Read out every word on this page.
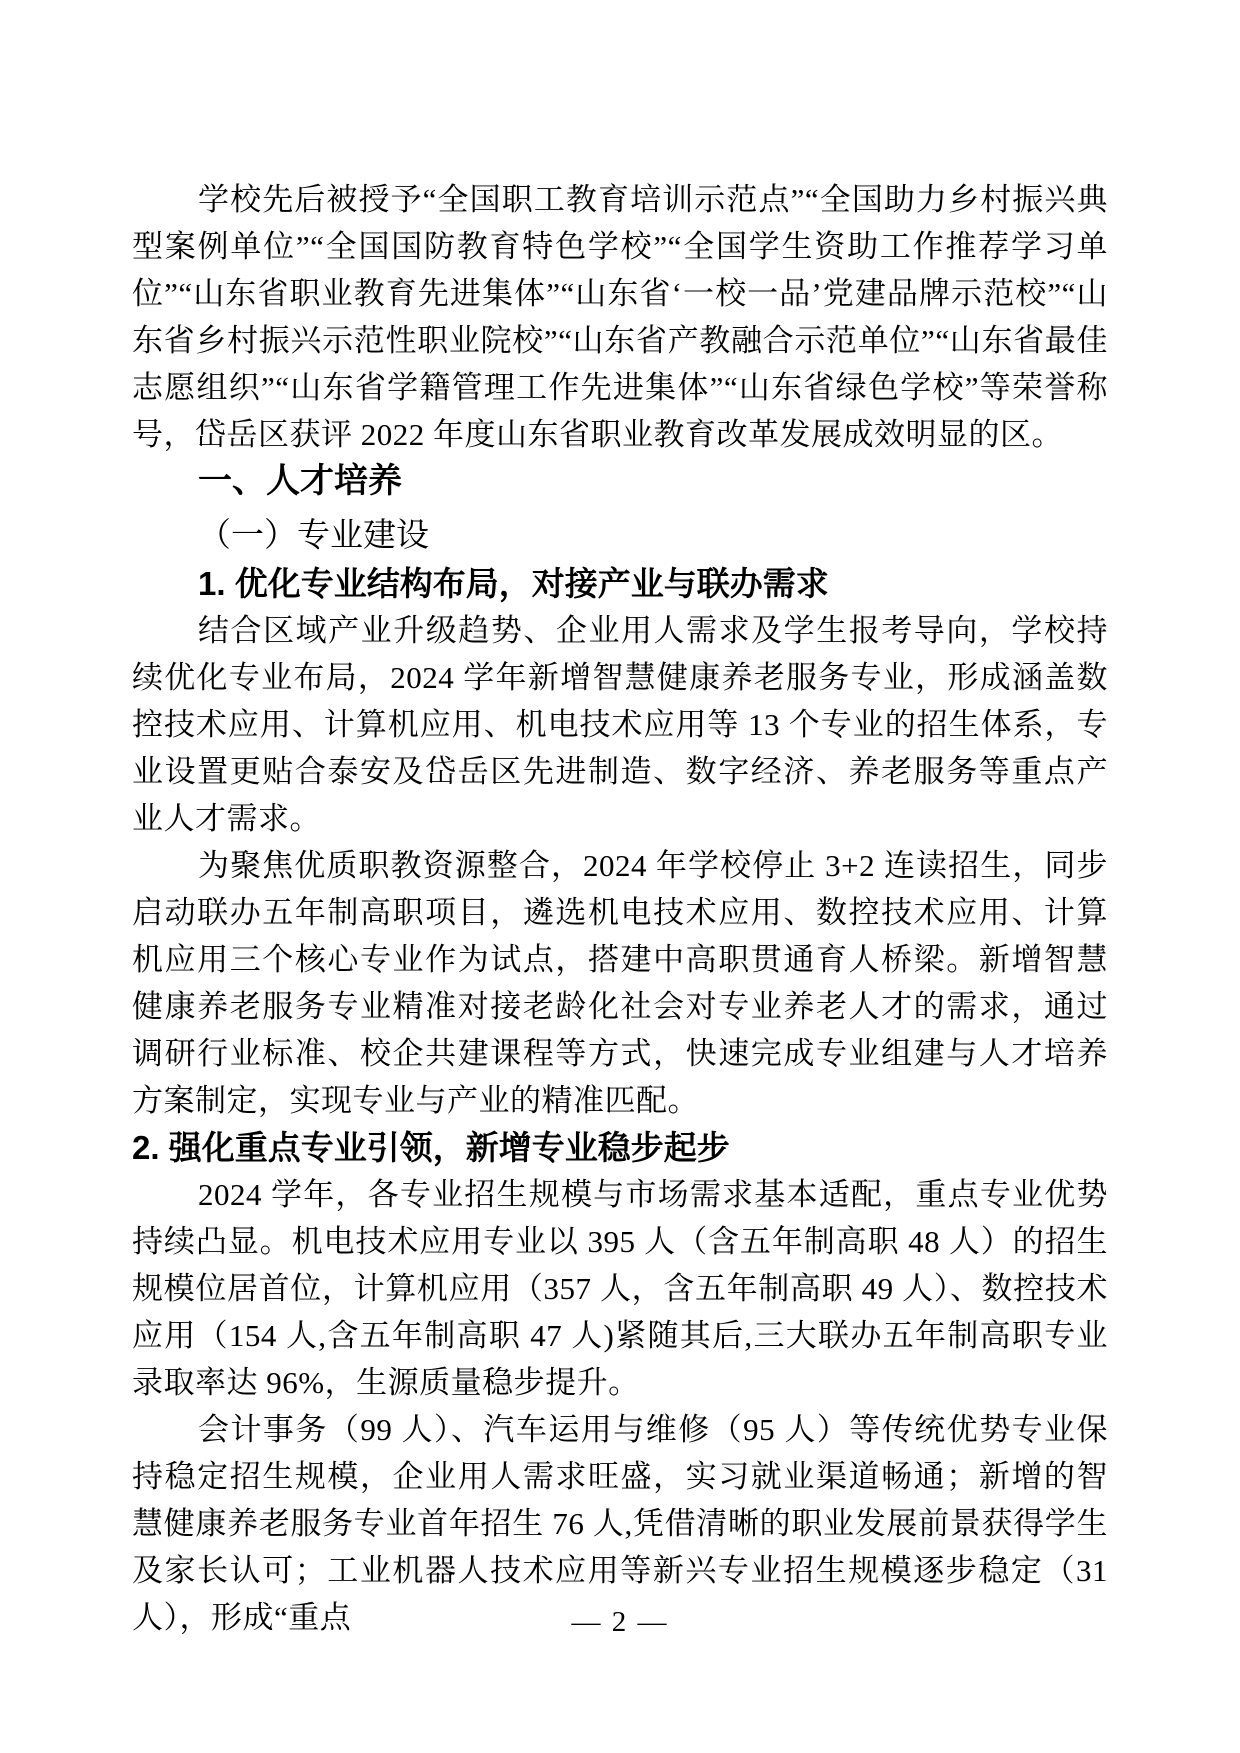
学校先后被授予“全国职工教育培训示范点”“全国助力乡村振兴典型案例单位”“全国国防教育特色学校”“全国学生资助工作推荐学习单位”“山东省职业教育先进集体”“山东省‘一校一品’党建品牌示范校”“山东省乡村振兴示范性职业院校”“山东省产教融合示范单位”“山东省最佳志愿组织”“山东省学籍管理工作先进集体”“山东省绿色学校”等荣誉称号，岱岳区获评 2022 年度山东省职业教育改革发展成效明显的区。

一、人才培养
（一）专业建设
1. 优化专业结构布局，对接产业与联办需求

结合区域产业升级趋势、企业用人需求及学生报考导向，学校持续优化专业布局，2024 学年新增智慧健康养老服务专业，形成涵盖数控技术应用、计算机应用、机电技术应用等 13 个专业的招生体系，专业设置更贴合泰安及岱岳区先进制造、数字经济、养老服务等重点产业人才需求。

为聚焦优质职教资源整合，2024 年学校停止 3+2 连读招生，同步启动联办五年制高职项目，遴选机电技术应用、数控技术应用、计算机应用三个核心专业作为试点，搭建中高职贯通育人桥梁。新增智慧健康养老服务专业精准对接老龄化社会对专业养老人才的需求，通过调研行业标准、校企共建课程等方式，快速完成专业组建与人才培养方案制定，实现专业与产业的精准匹配。

2. 强化重点专业引领，新增专业稳步起步

2024 学年，各专业招生规模与市场需求基本适配，重点专业优势持续凸显。机电技术应用专业以 395 人（含五年制高职 48 人）的招生规模位居首位，计算机应用（357 人，含五年制高职 49 人）、数控技术应用（154 人,含五年制高职 47 人)紧随其后,三大联办五年制高职专业录取率达 96%，生源质量稳步提升。

会计事务（99 人）、汽车运用与维修（95 人）等传统优势专业保持稳定招生规模，企业用人需求旺盛，实习就业渠道畅通；新增的智慧健康养老服务专业首年招生 76 人,凭借清晰的职业发展前景获得学生及家长认可；工业机器人技术应用等新兴专业招生规模逐步稳定（31 人），形成“重点	— 2 —
